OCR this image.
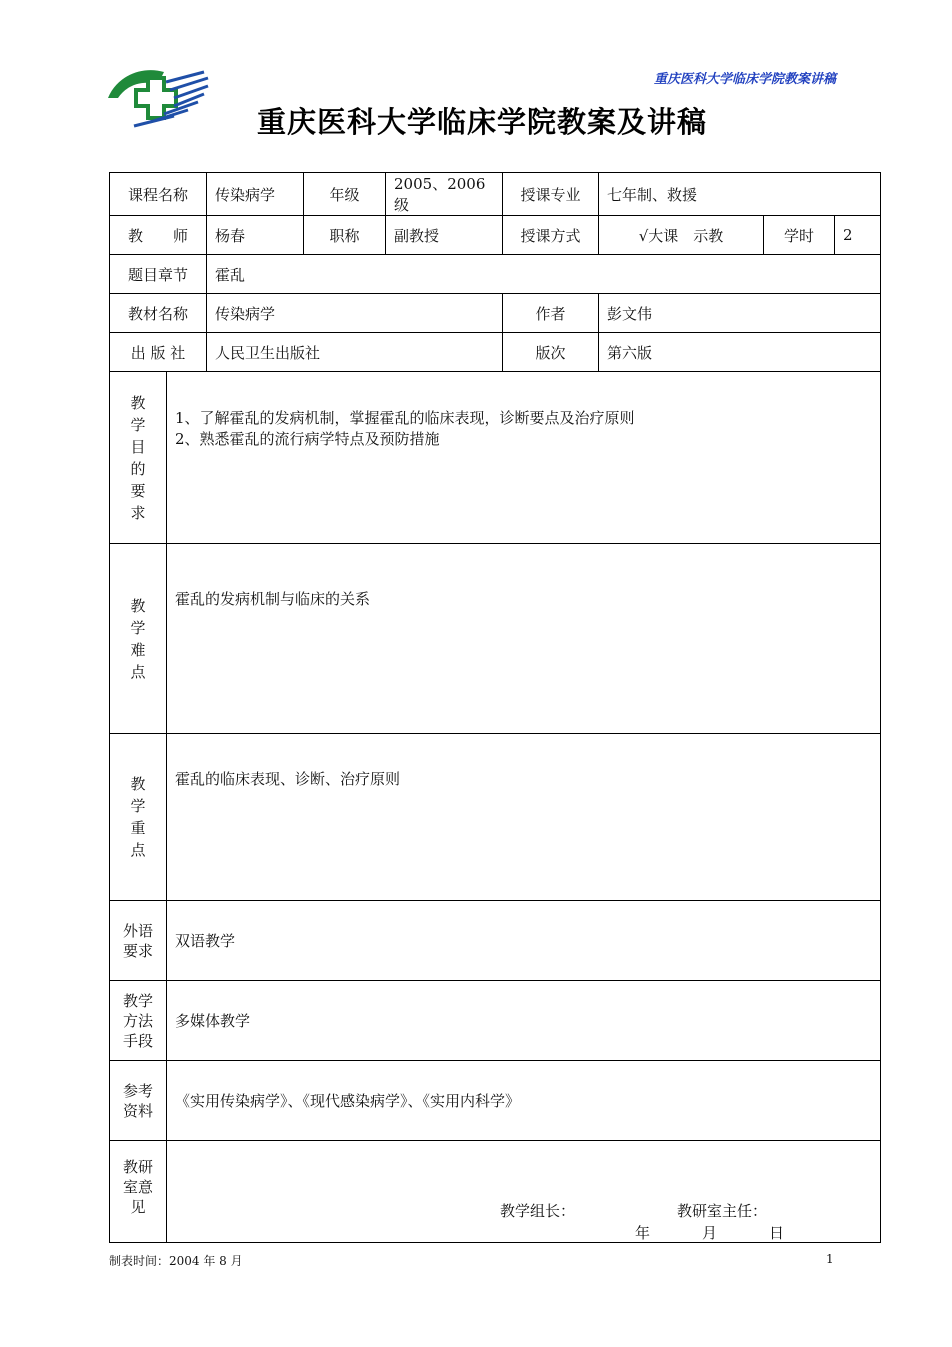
重庆医科大学临床学院教案讲稿
重庆医科大学临床学院教案及讲稿
课程名称		传染病学	年级	2005、2006 级	授课专业	七年制、救援		
教　　师		杨春	职称	副教授	授课方式	√大课　示教	学时	2
题目章节		霍乱						
教材名称		传染病学			作者	彭文伟		
出 版 社		人民卫生出版社			版次	第六版		

教学目的要求	1、了解霍乱的发病机制，掌握霍乱的临床表现，诊断要点及治疗原则
2、熟悉霍乱的流行病学特点及预防措施							

教学难点	霍乱的发病机制与临床的关系							

教学重点	霍乱的临床表现、诊断、治疗原则							

外语要求	双语教学							

教学方法手段	多媒体教学							

参考资料	《实用传染病学》、《现代感染病学》、《实用内科学》							

教研室意见	教学组长： 教研室主任：
年 月 日							
制表时间：2004 年 8 月	1
